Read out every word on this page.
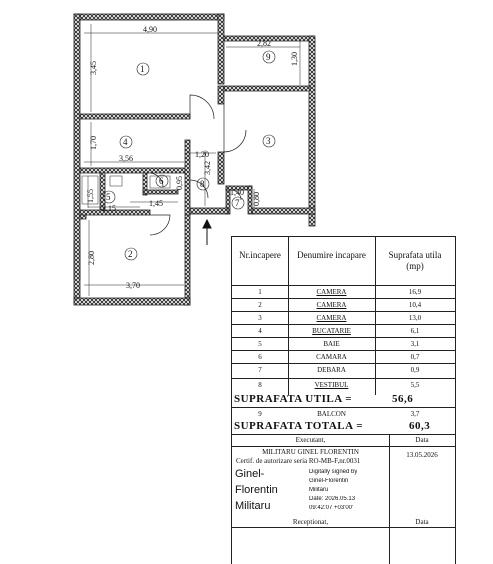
4,90
3,45
1,70
3,56
1,55
2,15
1,45
0,95
1,20
3,42
2,82
1,30
1,40 0,80
2,80
3,70
1
2
3
4
5
6
7
8
9
Nr.incapere	Denumire incapare	Suprafata utila (mp)
1	CAMERA	16,9
2	CAMERA	10,4
3	CAMERA	13,0
4	BUCATARIE	6,1
5	BAIE	3,1
6	CAMARA	0,7
7	DEBARA	0,9
8	VESTIBUL	5,5
SUPRAFATA UTILA =	56,6
9	BALCON	3,7
SUPRAFATA TOTALA =	60,3
Executant,	Data
MILITARU GINEL FLORENTIN
Certif. de autorizare seria RO-MB-F,nr.0031
13.05.2026
Ginel-
Florentin
Militaru
Digitally signed by
Ginel-Florentin
Militaru
Date: 2026.05.13
09:42:07 +03'00'
Receptionat,	Data
